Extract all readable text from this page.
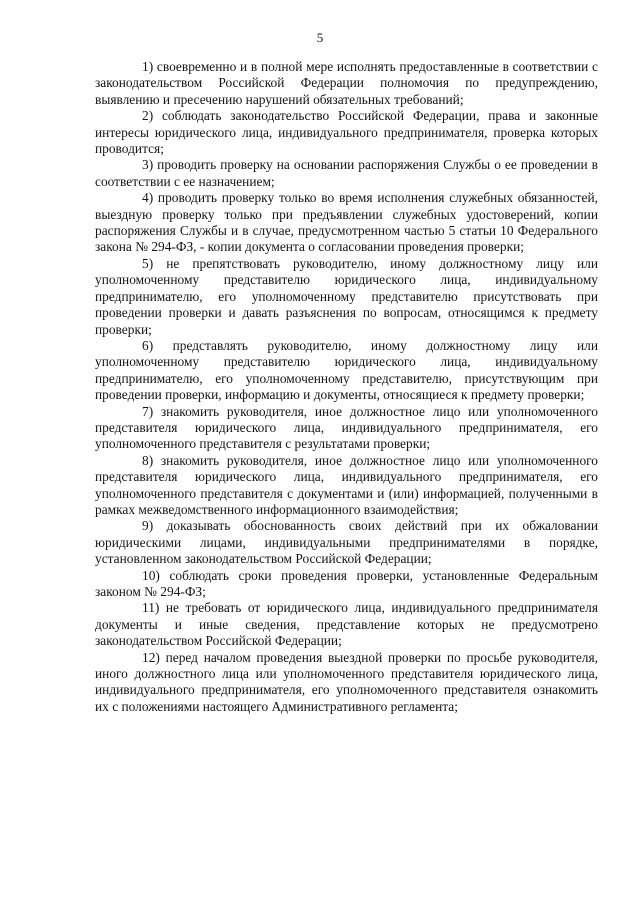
5

1) своевременно и в полной мере исполнять предоставленные в соответствии с законодательством Российской Федерации полномочия по предупреждению, выявлению и пресечению нарушений обязательных требований;

2) соблюдать законодательство Российской Федерации, права и законные интересы юридического лица, индивидуального предпринимателя, проверка которых проводится;

3) проводить проверку на основании распоряжения Службы о ее проведении в соответствии с ее назначением;

4) проводить проверку только во время исполнения служебных обязанностей, выездную проверку только при предъявлении служебных удостоверений, копии распоряжения Службы и в случае, предусмотренном частью 5 статьи 10 Федерального закона № 294-ФЗ, - копии документа о согласовании проведения проверки;

5) не препятствовать руководителю, иному должностному лицу или уполномоченному представителю юридического лица, индивидуальному предпринимателю, его уполномоченному представителю присутствовать при проведении проверки и давать разъяснения по вопросам, относящимся к предмету проверки;

6) представлять руководителю, иному должностному лицу или уполномоченному представителю юридического лица, индивидуальному предпринимателю, его уполномоченному представителю, присутствующим при проведении проверки, информацию и документы, относящиеся к предмету проверки;

7) знакомить руководителя, иное должностное лицо или уполномоченного представителя юридического лица, индивидуального предпринимателя, его уполномоченного представителя с результатами проверки;

8) знакомить руководителя, иное должностное лицо или уполномоченного представителя юридического лица, индивидуального предпринимателя, его уполномоченного представителя с документами и (или) информацией, полученными в рамках межведомственного информационного взаимодействия;

9) доказывать обоснованность своих действий при их обжаловании юридическими лицами, индивидуальными предпринимателями в порядке, установленном законодательством Российской Федерации;

10) соблюдать сроки проведения проверки, установленные Федеральным законом № 294-ФЗ;

11) не требовать от юридического лица, индивидуального предпринимателя документы и иные сведения, представление которых не предусмотрено законодательством Российской Федерации;

12) перед началом проведения выездной проверки по просьбе руководителя, иного должностного лица или уполномоченного представителя юридического лица, индивидуального предпринимателя, его уполномоченного представителя ознакомить их с положениями настоящего Административного регламента;
